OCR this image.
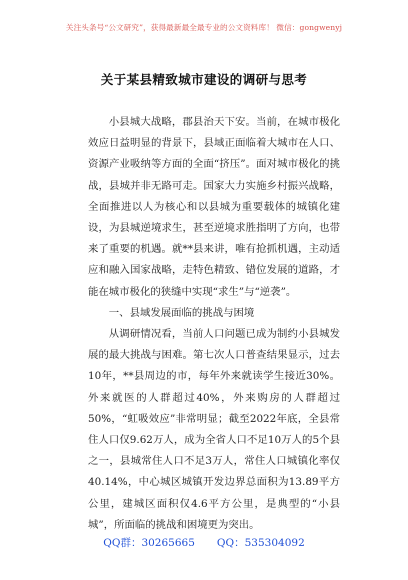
关注头条号“公文研究”，获得最新最全最专业的公文资料库！ 微信：gongwenyj
关于某县精致城市建设的调研与思考

小县城大战略，郡县治天下安。当前，在城市极化效应日益明显的背景下，县域正面临着大城市在人口、资源产业吸纳等方面的全面“挤压”。面对城市极化的挑战，县城并非无路可走。国家大力实施乡村振兴战略，全面推进以人为核心和以县城为重要载体的城镇化建设，为县城逆境求生，甚至逆境求胜指明了方向，也带来了重要的机遇。就**县来讲，唯有抢抓机遇，主动适应和融入国家战略，走特色精致、错位发展的道路，才能在城市极化的狭缝中实现“求生”与“逆袭”。

一、县域发展面临的挑战与困境

从调研情况看，当前人口问题已成为制约小县城发展的最大挑战与困难。第七次人口普查结果显示，过去10年，**县周边的市，每年外来就读学生接近30%。外来就医的人群超过40%，外来购房的人群超过50%，“虹吸效应”非常明显；截至2022年底，全县常住人口仅9.62万人，成为全省人口不足10万人的5个县之一，县城常住人口不足3万人，常住人口城镇化率仅40.14%，中心城区城镇开发边界总面积为13.89平方公里，建城区面积仅4.6平方公里，是典型的“小县城”，所面临的挑战和困境更为突出。

QQ群：30265665 QQ：535304092
